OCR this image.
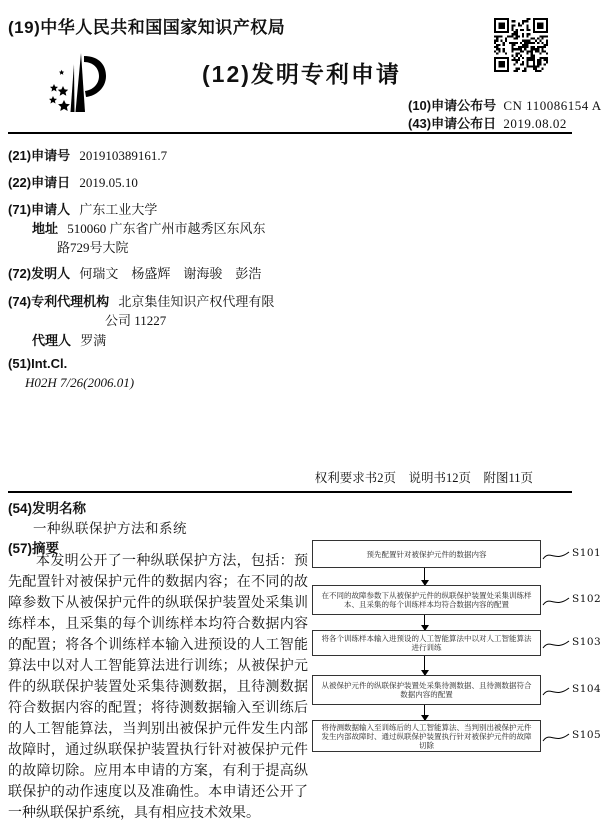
(19)中华人民共和国国家知识产权局
(12)发明专利申请
(10)申请公布号 CN 110086154 A
(43)申请公布日 2019.08.02
(21)申请号 201910389161.7
(22)申请日 2019.05.10
(71)申请人 广东工业大学
地址 510060 广东省广州市越秀区东风东
路729号大院
(72)发明人 何瑞文　杨盛辉　谢海骏　彭浩
(74)专利代理机构 北京集佳知识产权代理有限
公司 11227
代理人 罗满
(51)Int.Cl.
H02H 7/26(2006.01)
权利要求书2页　说明书12页　附图11页
(54)发明名称
一种纵联保护方法和系统
(57)摘要
本发明公开了一种纵联保护方法，包括：预先配置针对被保护元件的数据内容；在不同的故障参数下从被保护元件的纵联保护装置处采集训练样本，且采集的每个训练样本均符合数据内容的配置；将各个训练样本输入进预设的人工智能算法中以对人工智能算法进行训练；从被保护元件的纵联保护装置处采集待测数据，且待测数据符合数据内容的配置；将待测数据输入至训练后的人工智能算法，当判别出被保护元件发生内部故障时，通过纵联保护装置执行针对被保护元件的故障切除。应用本申请的方案，有利于提高纵联保护的动作速度以及准确性。本申请还公开了一种纵联保护系统，具有相应技术效果。
预先配置针对被保护元件的数据内容
在不同的故障参数下从被保护元件的纵联保护装置处采集训练样本、且采集的每个训练样本均符合数据内容的配置
将各个训练样本输入进预设的人工智能算法中以对人工智能算法进行训练
从被保护元件的纵联保护装置处采集待测数据、且待测数据符合数据内容的配置
将待测数据输入至训练后的人工智能算法、当判别出被保护元件发生内部故障时、通过纵联保护装置执行针对被保护元件的故障切除
S101
S102
S103
S104
S105
